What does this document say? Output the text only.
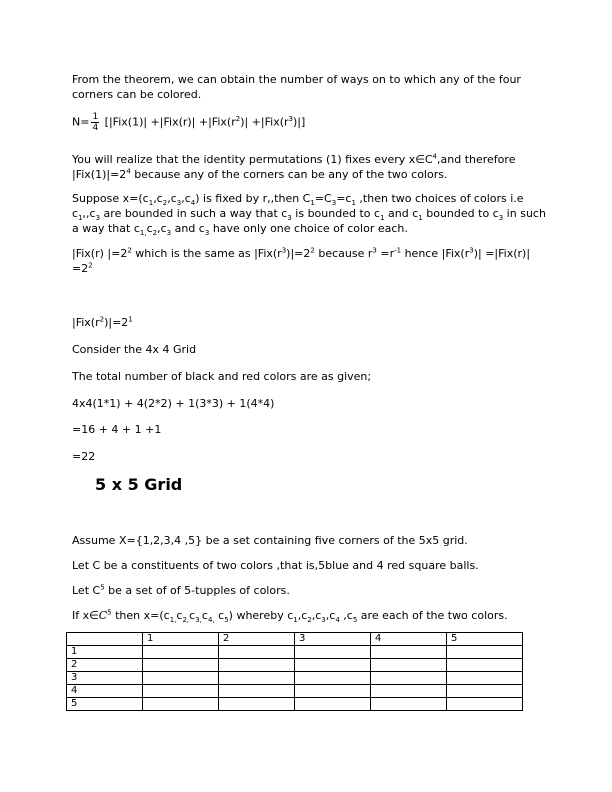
From the theorem, we can obtain the number of ways on to which any of the four corners can be colored.
$N= \frac{1}{4} [|Fix(1)| +|Fix(r)| +|Fix(r^2)| +|Fix(r^3)|]$
You will realize that the identity permutations (1) fixes every $x\in C^4,and$ therefore $|Fix(1)|=2^4$ because any of the corners can be any of the two colors.
Suppose $x=(c_1,c_2,c_3,c_4)$ is fixed by r,,then $C_1=C_3=c_1$ ,then two choices of colors i.e $c_1,,c_3$ are bounded in such a way that $c_3$ is bounded to $c_1$ and $c_1$ bounded to $c_3$ in such a way that $c_{1,}c_2,c_3$ and $c_3$ have only one choice of color each.
|Fix(r) $|=2^2$ which is the same as $|Fix(r^3)|=2^2$ because $r^3 =r^{-1}$ hence $|Fix(r^3)| =|Fix(r)| =2^2$
$|Fix(r^2)|=2^1$
Consider the 4x 4 Grid
The total number of black and red colors are as given;
4x4(1*1) + 4(2*2) + 1(3*3) + 1(4*4)
=16 + 4 + 1 +1
=22
5 x 5 Grid
Assume X={1,2,3,4 ,5} be a set containing five corners of the 5x5 grid.
Let C be a constituents of two colors ,that is,5blue and 4 red square balls.
Let $C^5$ be a set of of 5-tupples of colors.
If $x\in C^5$ then $x=(c_{1,}c_{2,}c_{3,}c_{4,}$ $c_5$) whereby $c_1,c_2,c_3,c_4$ $,c_5$ are each of the two colors.
	1	2	3	4	5
1					
2					
3					
4					
5					
